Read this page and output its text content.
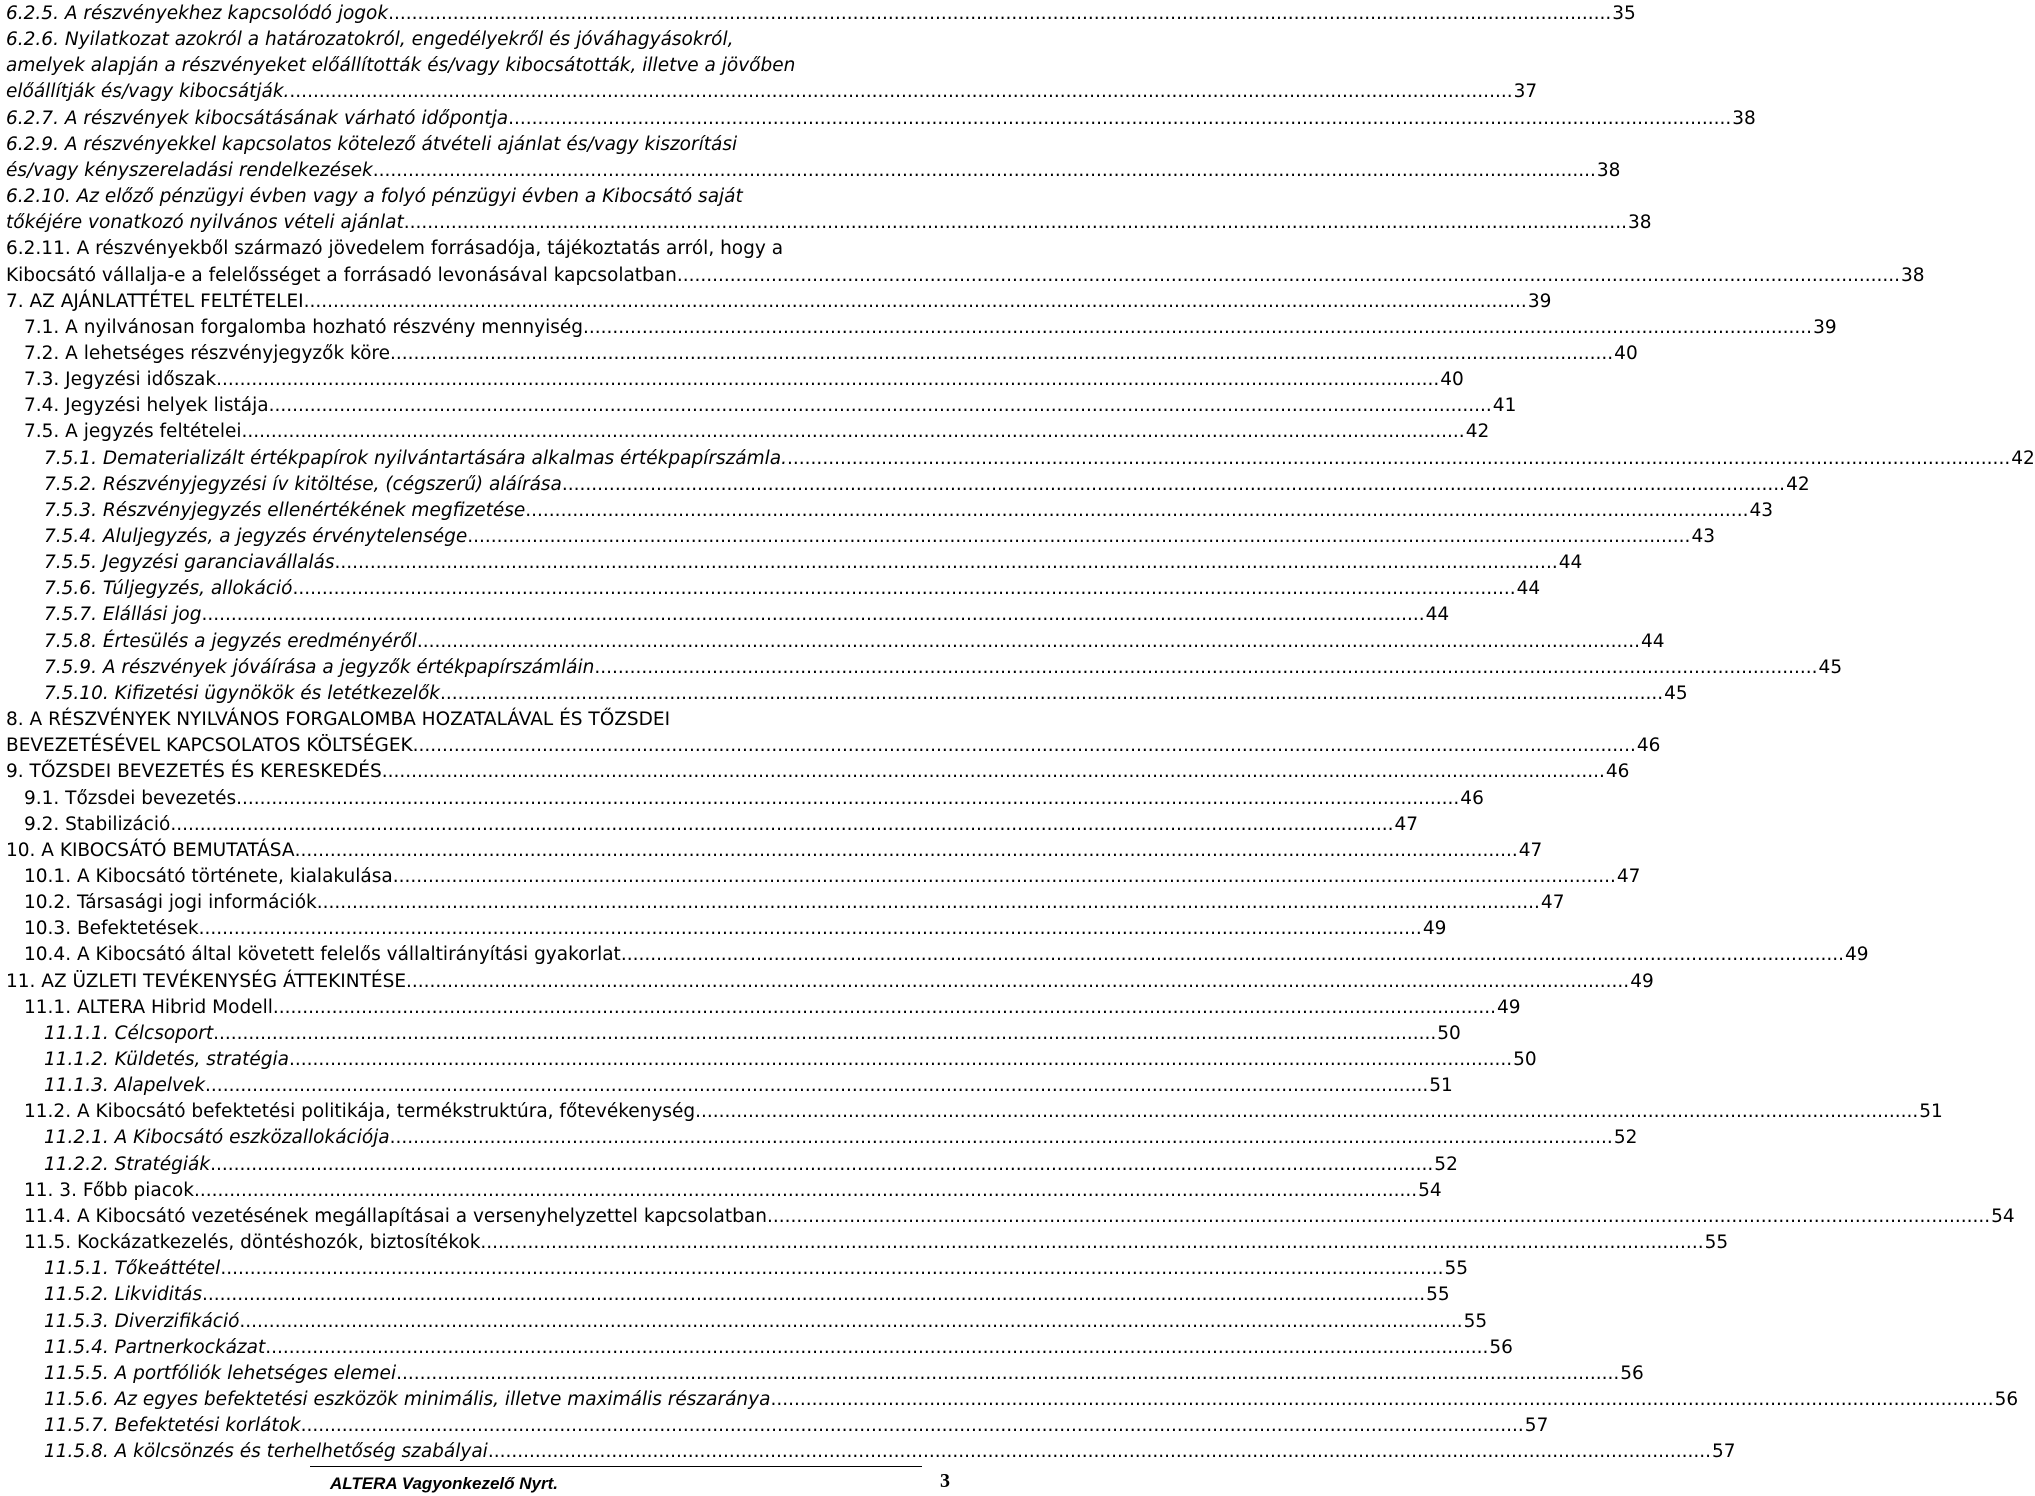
6.2.5. A részvényekhez kapcsolódó jogok .....	35
6.2.6. Nyilatkozat azokról a határozatokról, engedélyekről és jóváhagyásokról,
amelyek alapján a részvényeket előállították és/vagy kibocsátották, illetve a jövőben
előállítják és/vagy kibocsátják. .....	37
6.2.7. A részvények kibocsátásának várható időpontja .....	38
6.2.9. A részvényekkel kapcsolatos kötelező átvételi ajánlat és/vagy kiszorítási
és/vagy kényszereladási rendelkezések .....	38
6.2.10. Az előző pénzügyi évben vagy a folyó pénzügyi évben a Kibocsátó saját
tőkéjére vonatkozó nyilvános vételi ajánlat .....	38
6.2.11. A részvényekből származó jövedelem forrásadója, tájékoztatás arról, hogy a
Kibocsátó vállalja-e a felelősséget a forrásadó levonásával kapcsolatban .....	38
7. AZ AJÁNLATTÉTEL FELTÉTELEI .....	39
7.1. A nyilvánosan forgalomba hozható részvény mennyiség. .....	39
7.2. A lehetséges részvényjegyzők köre .....	40
7.3. Jegyzési időszak .....	40
7.4. Jegyzési helyek listája .....	41
7.5. A jegyzés feltételei .....	42
7.5.1. Dematerializált értékpapírok nyilvántartására alkalmas értékpapírszámla. .....	42
7.5.2. Részvényjegyzési ív kitöltése, (cégszerű) aláírása .....	42
7.5.3. Részvényjegyzés ellenértékének megfizetése .....	43
7.5.4. Aluljegyzés, a jegyzés érvénytelensége .....	43
7.5.5. Jegyzési garanciavállalás .....	44
7.5.6. Túljegyzés, allokáció .....	44
7.5.7. Elállási jog .....	44
7.5.8. Értesülés a jegyzés eredményéről .....	44
7.5.9. A részvények jóváírása a jegyzők értékpapírszámláin .....	45
7.5.10. Kifizetési ügynökök és letétkezelők .....	45
8. A RÉSZVÉNYEK NYILVÁNOS FORGALOMBA HOZATALÁVAL ÉS TŐZSDEI
BEVEZETÉSÉVEL KAPCSOLATOS KÖLTSÉGEK .....	46
9. TŐZSDEI BEVEZETÉS ÉS KERESKEDÉS .....	46
9.1. Tőzsdei bevezetés .....	46
9.2. Stabilizáció .....	47
10. A KIBOCSÁTÓ BEMUTATÁSA .....	47
10.1. A Kibocsátó története, kialakulása .....	47
10.2. Társasági jogi információk .....	47
10.3. Befektetések .....	49
10.4. A Kibocsátó által követett felelős vállaltirányítási gyakorlat .....	49
11. AZ ÜZLETI TEVÉKENYSÉG ÁTTEKINTÉSE .....	49
11.1. ALTERA Hibrid Modell .....	49
11.1.1. Célcsoport .....	50
11.1.2. Küldetés, stratégia .....	50
11.1.3. Alapelvek .....	51
11.2. A Kibocsátó befektetési politikája, termékstruktúra, főtevékenység .....	51
11.2.1. A Kibocsátó eszközallokációja .....	52
11.2.2. Stratégiák .....	52
11. 3. Főbb piacok .....	54
11.4. A Kibocsátó vezetésének megállapításai a versenyhelyzettel kapcsolatban .....	54
11.5. Kockázatkezelés, döntéshozók, biztosítékok .....	55
11.5.1. Tőkeáttétel .....	55
11.5.2. Likviditás .....	55
11.5.3. Diverzifikáció .....	55
11.5.4. Partnerkockázat .....	56
11.5.5. A portfóliók lehetséges elemei .....	56
11.5.6. Az egyes befektetési eszközök minimális, illetve maximális részaránya .....	56
11.5.7. Befektetési korlátok .....	57
11.5.8. A kölcsönzés és terhelhetőség szabályai .....	57
ALTERA Vagyonkezelő Nyrt.	3
